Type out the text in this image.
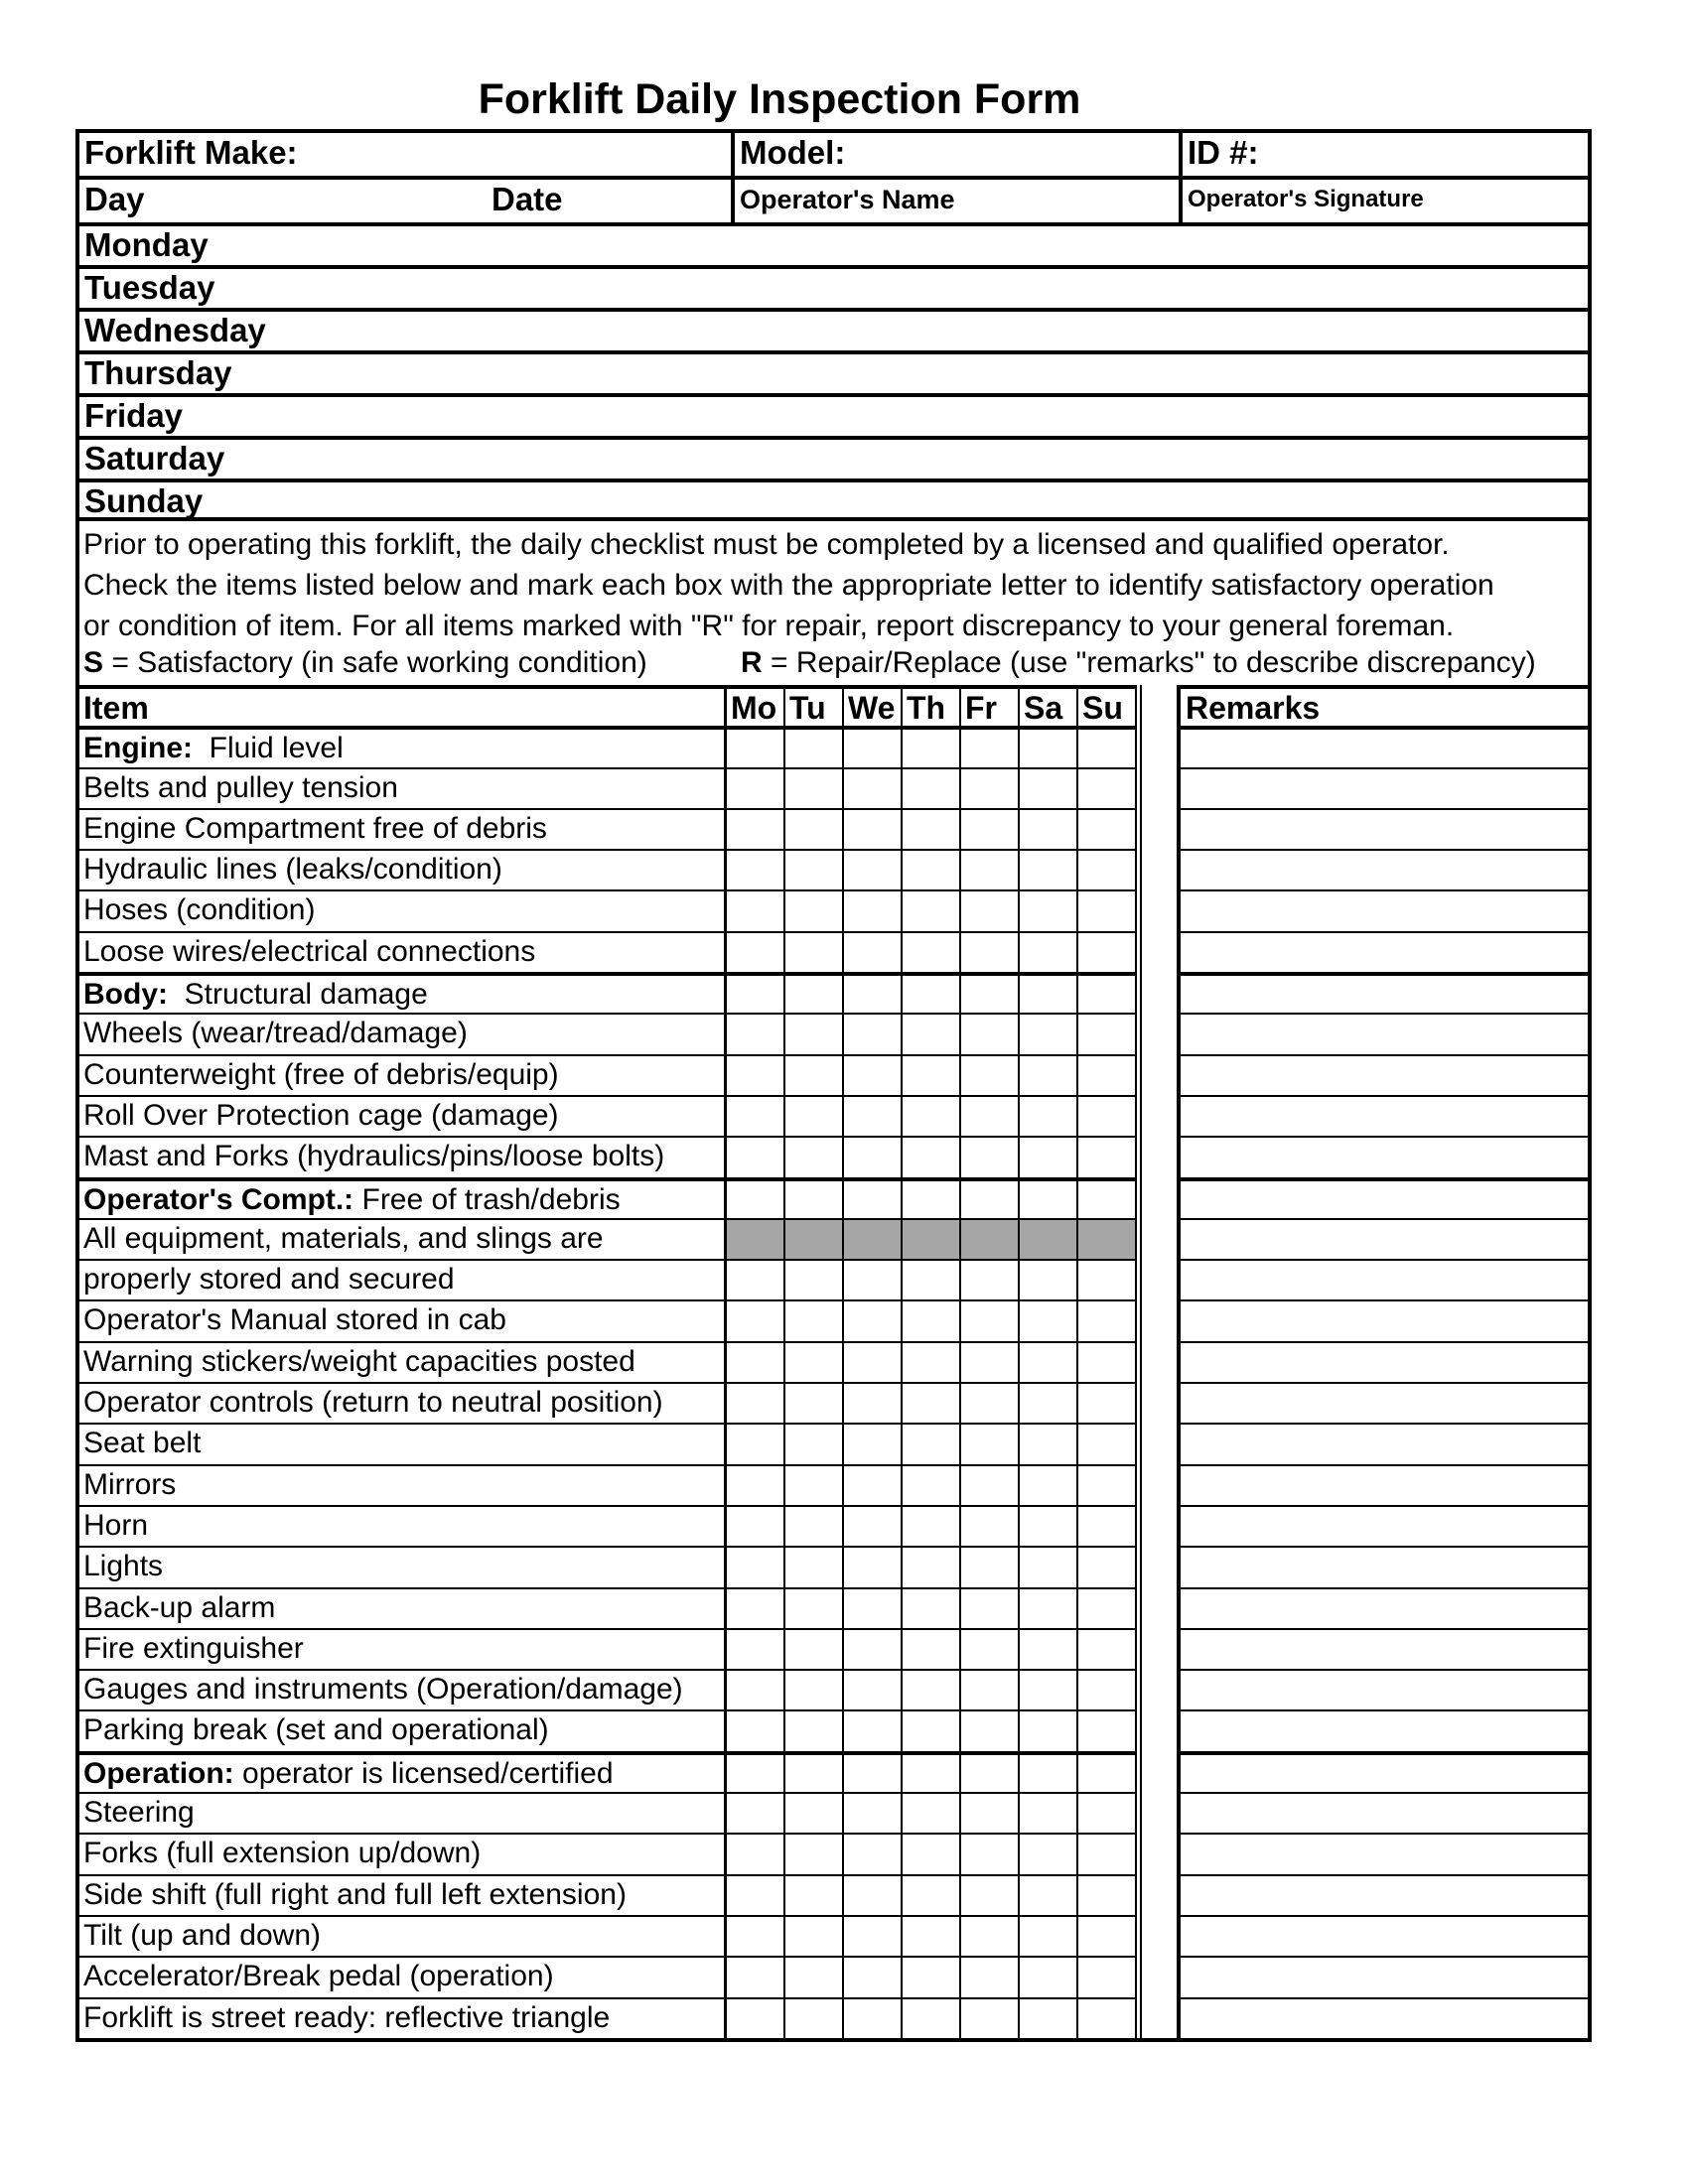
Forklift Daily Inspection Form
Forklift Make:	Model:	ID #:
Day	Date	Operator's Name	Operator's Signature
Monday
Tuesday
Wednesday
Thursday
Friday
Saturday
Sunday
Prior to operating this forklift, the daily checklist must be completed by a licensed and qualified operator.
Check the items listed below and mark each box with the appropriate letter to identify satisfactory operation
or condition of item. For all items marked with "R" for repair, report discrepancy to your general foreman.
S = Satisfactory (in safe working condition)	R = Repair/Replace (use "remarks" to describe discrepancy)
Item	Mo Tu We Th Fr Sa Su	Remarks
Engine:  Fluid level
Belts and pulley tension
Engine Compartment free of debris
Hydraulic lines (leaks/condition)
Hoses (condition)
Loose wires/electrical connections
Body:  Structural damage
Wheels (wear/tread/damage)
Counterweight (free of debris/equip)
Roll Over Protection cage (damage)
Mast and Forks (hydraulics/pins/loose bolts)
Operator's Compt.: Free of trash/debris
All equipment, materials, and slings are
properly stored and secured
Operator's Manual stored in cab
Warning stickers/weight capacities posted
Operator controls (return to neutral position)
Seat belt
Mirrors
Horn
Lights
Back-up alarm
Fire extinguisher
Gauges and instruments (Operation/damage)
Parking break (set and operational)
Operation: operator is licensed/certified
Steering
Forks (full extension up/down)
Side shift (full right and full left extension)
Tilt (up and down)
Accelerator/Break pedal (operation)
Forklift is street ready: reflective triangle
